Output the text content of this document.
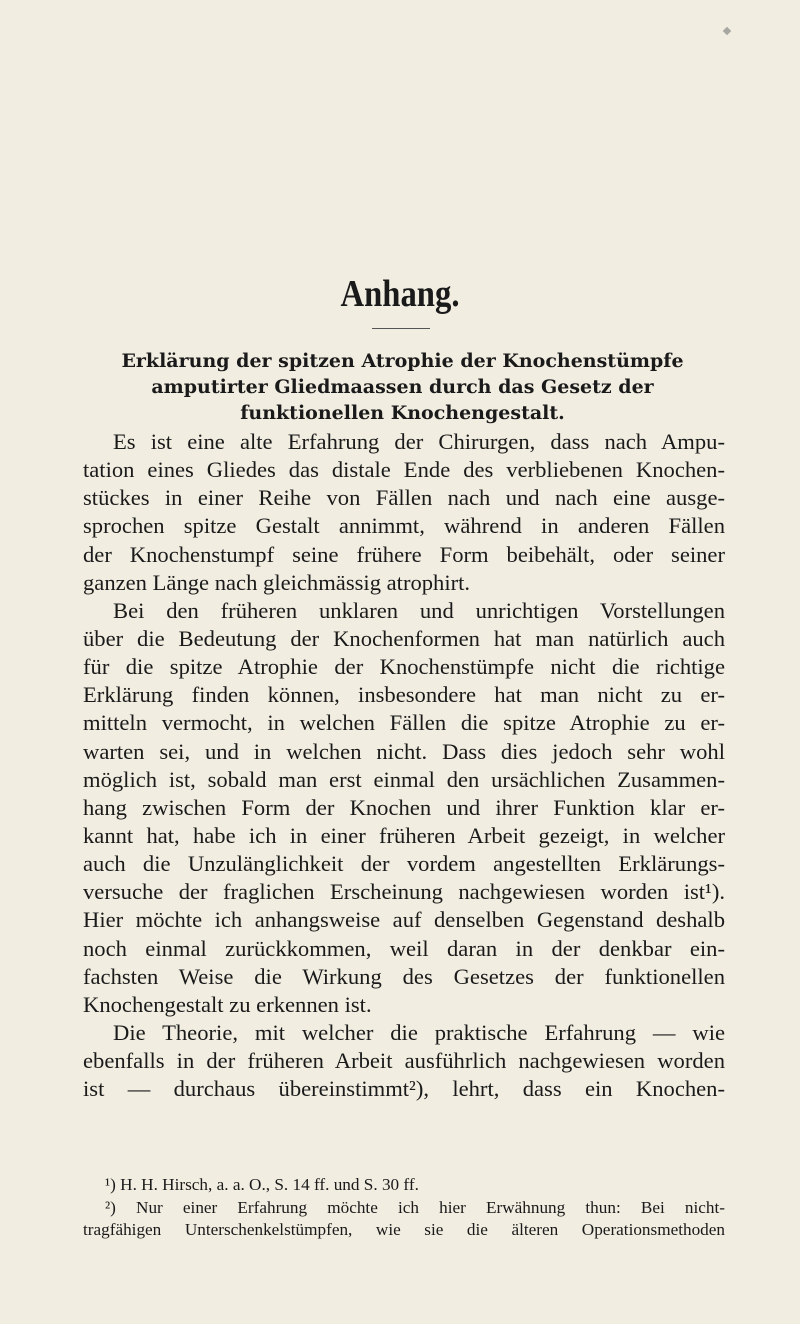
Anhang.
Erklärung der spitzen Atrophie der Knochenstümpfe amputirter Gliedmaassen durch das Gesetz der funktionellen Knochengestalt.
Es ist eine alte Erfahrung der Chirurgen, dass nach Ampu-
tation eines Gliedes das distale Ende des verbliebenen Knochen-
stückes in einer Reihe von Fällen nach und nach eine ausge-
sprochen spitze Gestalt annimmt, während in anderen Fällen
der Knochenstumpf seine frühere Form beibehält, oder seiner
ganzen Länge nach gleichmässig atrophirt.
Bei den früheren unklaren und unrichtigen Vorstellungen
über die Bedeutung der Knochenformen hat man natürlich auch
für die spitze Atrophie der Knochenstümpfe nicht die richtige
Erklärung finden können, insbesondere hat man nicht zu er-
mitteln vermocht, in welchen Fällen die spitze Atrophie zu er-
warten sei, und in welchen nicht. Dass dies jedoch sehr wohl
möglich ist, sobald man erst einmal den ursächlichen Zusammen-
hang zwischen Form der Knochen und ihrer Funktion klar er-
kannt hat, habe ich in einer früheren Arbeit gezeigt, in welcher
auch die Unzulänglichkeit der vordem angestellten Erklärungs-
versuche der fraglichen Erscheinung nachgewiesen worden ist¹).
Hier möchte ich anhangsweise auf denselben Gegenstand deshalb
noch einmal zurückkommen, weil daran in der denkbar ein-
fachsten Weise die Wirkung des Gesetzes der funktionellen
Knochengestalt zu erkennen ist.
Die Theorie, mit welcher die praktische Erfahrung — wie
ebenfalls in der früheren Arbeit ausführlich nachgewiesen worden
ist — durchaus übereinstimmt²), lehrt, dass ein Knochen-
¹) H. H. Hirsch, a. a. O., S. 14 ff. und S. 30 ff.
²) Nur einer Erfahrung möchte ich hier Erwähnung thun: Bei nicht-
tragfähigen Unterschenkelstümpfen, wie sie die älteren Operationsmethoden
